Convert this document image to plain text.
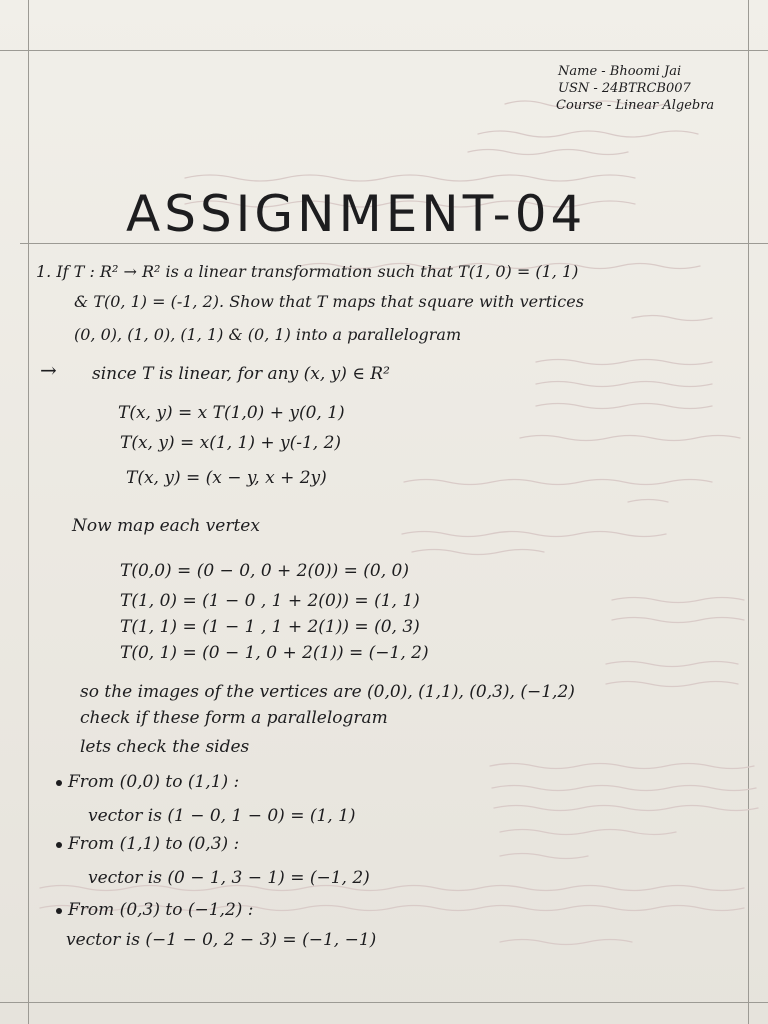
Name - Bhoomi Jai
USN - 24BTRCB007
Course - Linear Algebra
ASSIGNMENT-04
1. If T : R² → R² is a linear transformation such that T(1, 0) = (1, 1)
& T(0, 1) = (-1, 2). Show that T maps that square with vertices
(0, 0), (1, 0), (1, 1) & (0, 1) into a parallelogram
→ since T is linear, for any (x, y) ∈ R²
T(x, y) = x T(1,0) + y(0, 1)
T(x, y) = x(1, 1) + y(-1, 2)
T(x, y) = (x − y, x + 2y)
Now map each vertex
T(0,0) = (0 − 0, 0 + 2(0)) = (0, 0)
T(1, 0) = (1 − 0 , 1 + 2(0)) = (1, 1)
T(1, 1) = (1 − 1 , 1 + 2(1)) = (0, 3)
T(0, 1) = (0 − 1, 0 + 2(1)) = (−1, 2)
so the images of the vertices are (0,0), (1,1), (0,3), (−1,2)
check if these form a parallelogram
lets check the sides
From (0,0) to (1,1) :
vector is (1 − 0, 1 − 0) = (1, 1)
From (1,1) to (0,3) :
vector is (0 − 1, 3 − 1) = (−1, 2)
From (0,3) to (−1,2) :
vector is (−1 − 0, 2 − 3) = (−1, −1)
